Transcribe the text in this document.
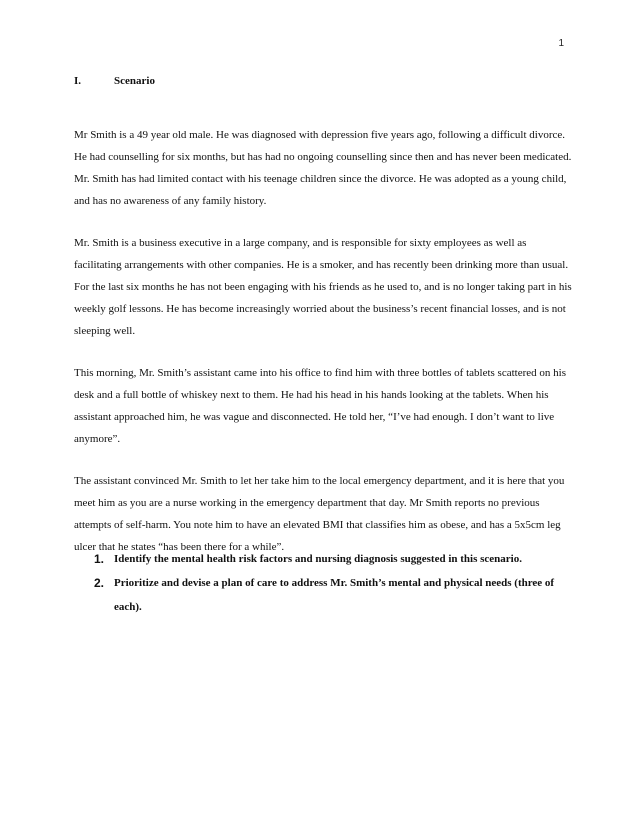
1
I.	Scenario

Mr Smith is a 49 year old male. He was diagnosed with depression five years ago, following a difficult divorce. He had counselling for six months, but has had no ongoing counselling since then and has never been medicated. Mr. Smith has had limited contact with his teenage children since the divorce. He was adopted as a young child, and has no awareness of any family history.

Mr. Smith is a business executive in a large company, and is responsible for sixty employees as well as facilitating arrangements with other companies. He is a smoker, and has recently been drinking more than usual. For the last six months he has not been engaging with his friends as he used to, and is no longer taking part in his weekly golf lessons. He has become increasingly worried about the business’s recent financial losses, and is not sleeping well.

This morning, Mr. Smith’s assistant came into his office to find him with three bottles of tablets scattered on his desk and a full bottle of whiskey next to them. He had his head in his hands looking at the tablets. When his assistant approached him, he was vague and disconnected. He told her, “I’ve had enough. I don’t want to live anymore”.

The assistant convinced Mr. Smith to let her take him to the local emergency department, and it is here that you meet him as you are a nurse working in the emergency department that day. Mr Smith reports no previous attempts of self-harm. You note him to have an elevated BMI that classifies him as obese, and has a 5x5cm leg ulcer that he states “has been there for a while”.

1. Identify the mental health risk factors and nursing diagnosis suggested in this scenario.
2. Prioritize and devise a plan of care to address Mr. Smith’s mental and physical needs (three of each).
